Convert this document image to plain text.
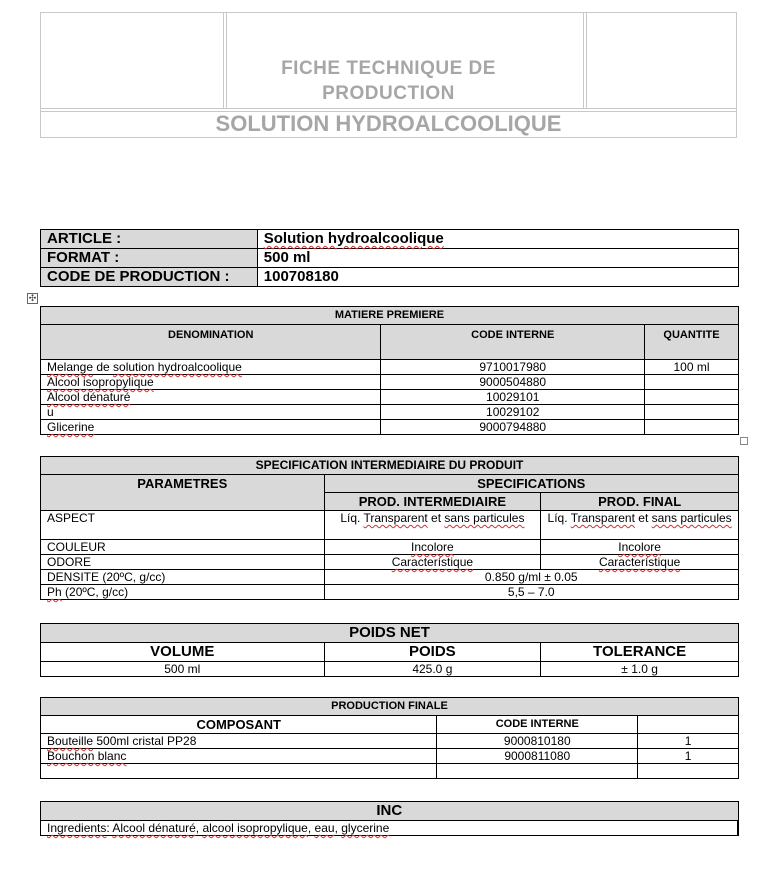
FICHE TECHNIQUE DE
PRODUCTION
SOLUTION HYDROALCOOLIQUE
ARTICLE :	Solution hydroalcoolique
FORMAT :	500 ml
CODE DE PRODUCTION :	100708180
✣
MATIERE PREMIERE		
DENOMINATION	CODE INTERNE	QUANTITE
Melange de solution hydroalcoolique	9710017980	100 ml
Alcool isopropylique	9000504880	
Alcool dénaturé	10029101	
u	10029102	
Glicerine	9000794880	
SPECIFICATION INTERMEDIAIRE DU PRODUIT		
PARAMETRES	SPECIFICATIONS	
	PROD. INTERMEDIAIRE	PROD. FINAL
ASPECT	Líq. Transparent et sans particules	Líq. Transparent et sans particules
COULEUR	Incolore	Incolore
ODORE	Característique	Característique
DENSITE (20ºC, g/cc)	0.850 g/ml ± 0.05	
Ph (20ºC, g/cc)	5,5 – 7.0	
POIDS NET		
VOLUME	POIDS	TOLERANCE
500 ml	425.0 g	± 1.0 g
PRODUCTION FINALE		
COMPOSANT	CODE INTERNE	
Bouteille 500ml cristal PP28	9000810180	1
Bouchon blanc	9000811080	1

INC
Ingredients: Alcool dénaturé, alcool isopropylique, eau, glycerine
